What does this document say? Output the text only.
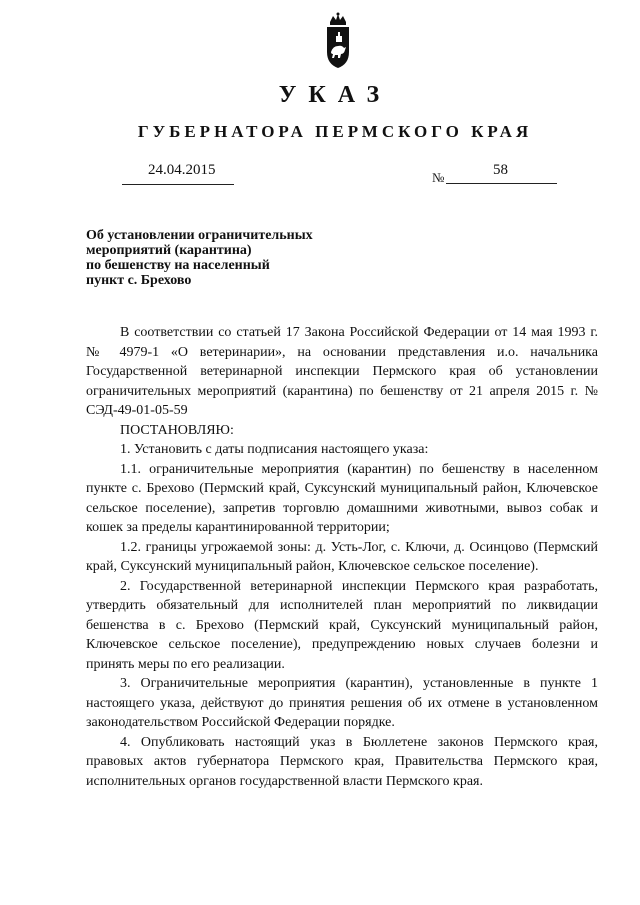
УКАЗ
ГУБЕРНАТОРА ПЕРМСКОГО КРАЯ
24.04.2015	№	58
Об установлении ограничительных
мероприятий (карантина)
по бешенству на населенный
пункт с. Брехово

В соответствии со статьей 17 Закона Российской Федерации от 14 мая 1993 г. № 4979-1 «О ветеринарии», на основании представления и.о. начальника Государственной ветеринарной инспекции Пермского края об установлении ограничительных мероприятий (карантина) по бешенству от 21 апреля 2015 г. № СЭД-49-01-05-59

ПОСТАНОВЛЯЮ:

1. Установить с даты подписания настоящего указа:

1.1. ограничительные мероприятия (карантин) по бешенству в населенном пункте с. Брехово (Пермский край, Суксунский муниципальный район, Ключевское сельское поселение), запретив торговлю домашними животными, вывоз собак и кошек за пределы карантинированной территории;

1.2. границы угрожаемой зоны: д. Усть-Лог, с. Ключи, д. Осинцово (Пермский край, Суксунский муниципальный район, Ключевское сельское поселение).

2. Государственной ветеринарной инспекции Пермского края разработать, утвердить обязательный для исполнителей план мероприятий по ликвидации бешенства в с. Брехово (Пермский край, Суксунский муниципальный район, Ключевское сельское поселение), предупреждению новых случаев болезни и принять меры по его реализации.

3. Ограничительные мероприятия (карантин), установленные в пункте 1 настоящего указа, действуют до принятия решения об их отмене в установленном законодательством Российской Федерации порядке.

4. Опубликовать настоящий указ в Бюллетене законов Пермского края, правовых актов губернатора Пермского края, Правительства Пермского края, исполнительных органов государственной власти Пермского края.
